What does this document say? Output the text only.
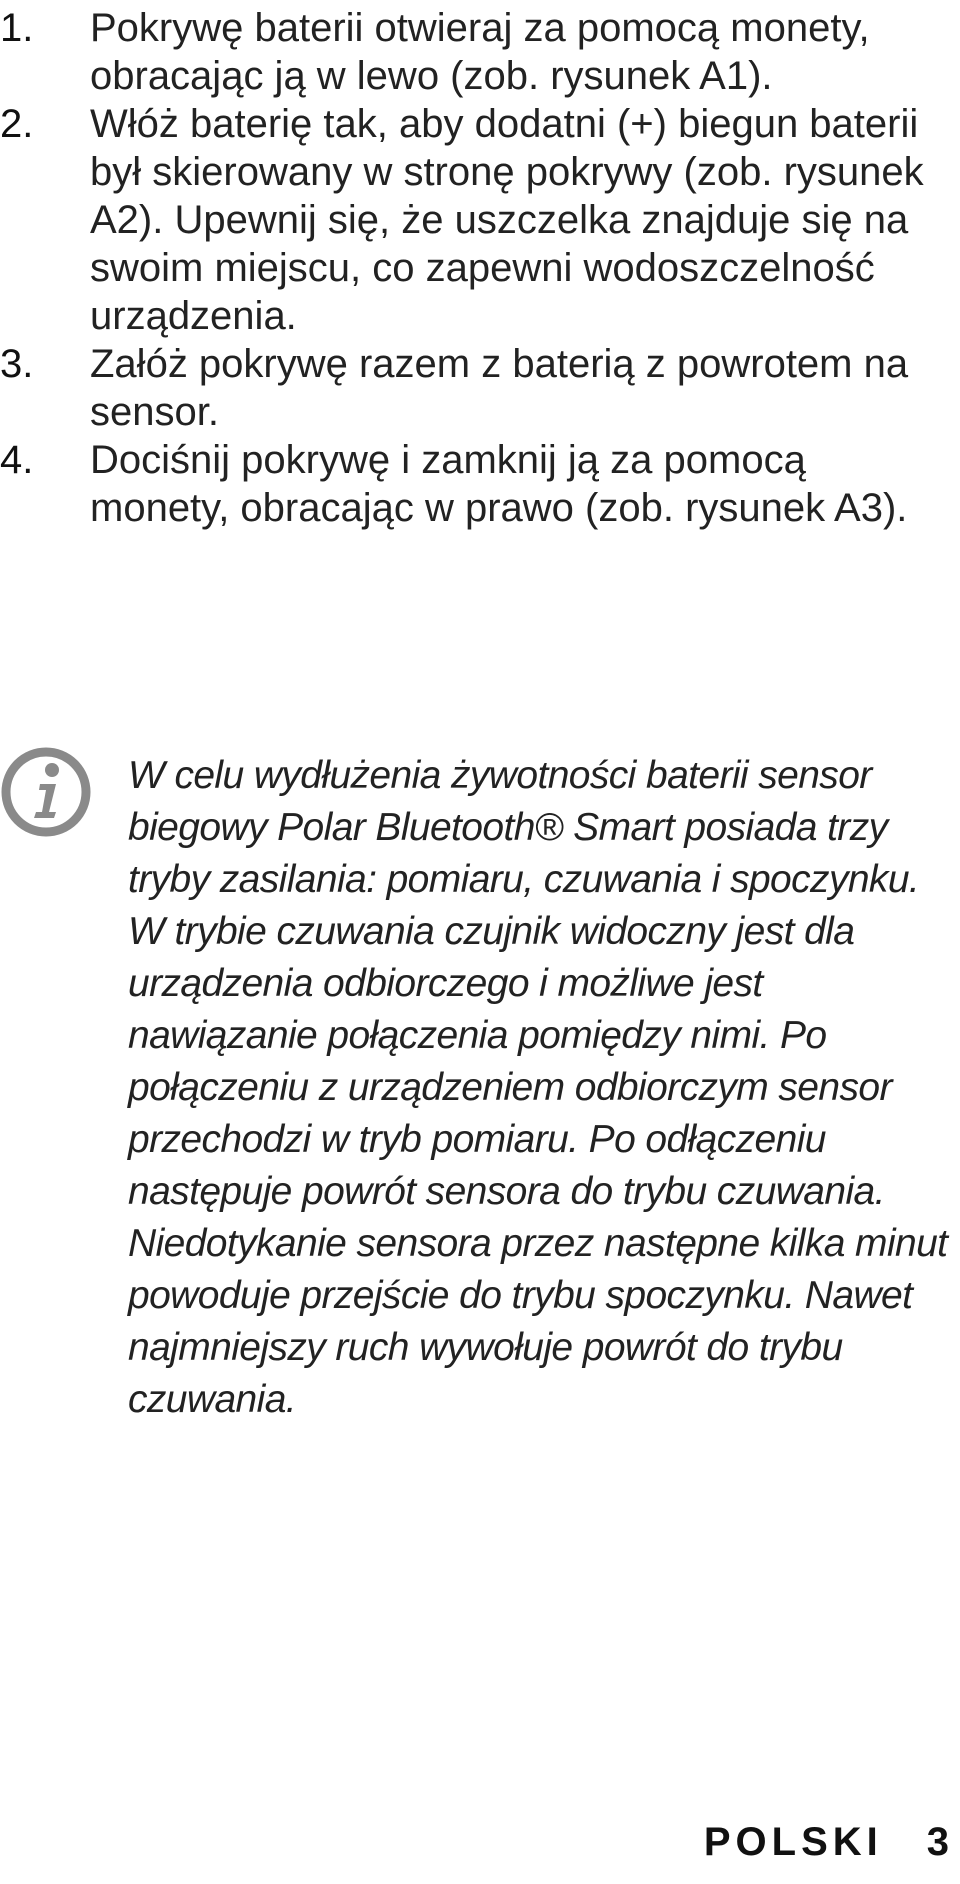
1.	Pokrywę baterii otwieraj za pomocą monety, obracając ją w lewo (zob. rysunek A1).
2.	Włóż baterię tak, aby dodatni (+) biegun baterii był skierowany w stronę pokrywy (zob. rysunek A2). Upewnij się, że uszczelka znajduje się na swoim miejscu, co zapewni wodoszczelność urządzenia.
3.	Załóż pokrywę razem z baterią z powrotem na sensor.
4.	Dociśnij pokrywę i zamknij ją za pomocą monety, obracając w prawo (zob. rysunek A3).

W celu wydłużenia żywotności baterii sensor biegowy Polar Bluetooth® Smart posiada trzy tryby zasilania: pomiaru, czuwania i spoczynku. W trybie czuwania czujnik widoczny jest dla urządzenia odbiorczego i możliwe jest nawiązanie połączenia pomiędzy nimi. Po połączeniu z urządzeniem odbiorczym sensor przechodzi w tryb pomiaru. Po odłączeniu następuje powrót sensora do trybu czuwania. Niedotykanie sensora przez następne kilka minut powoduje przejście do trybu spoczynku. Nawet najmniejszy ruch wywołuje powrót do trybu czuwania.

POLSKI 3
